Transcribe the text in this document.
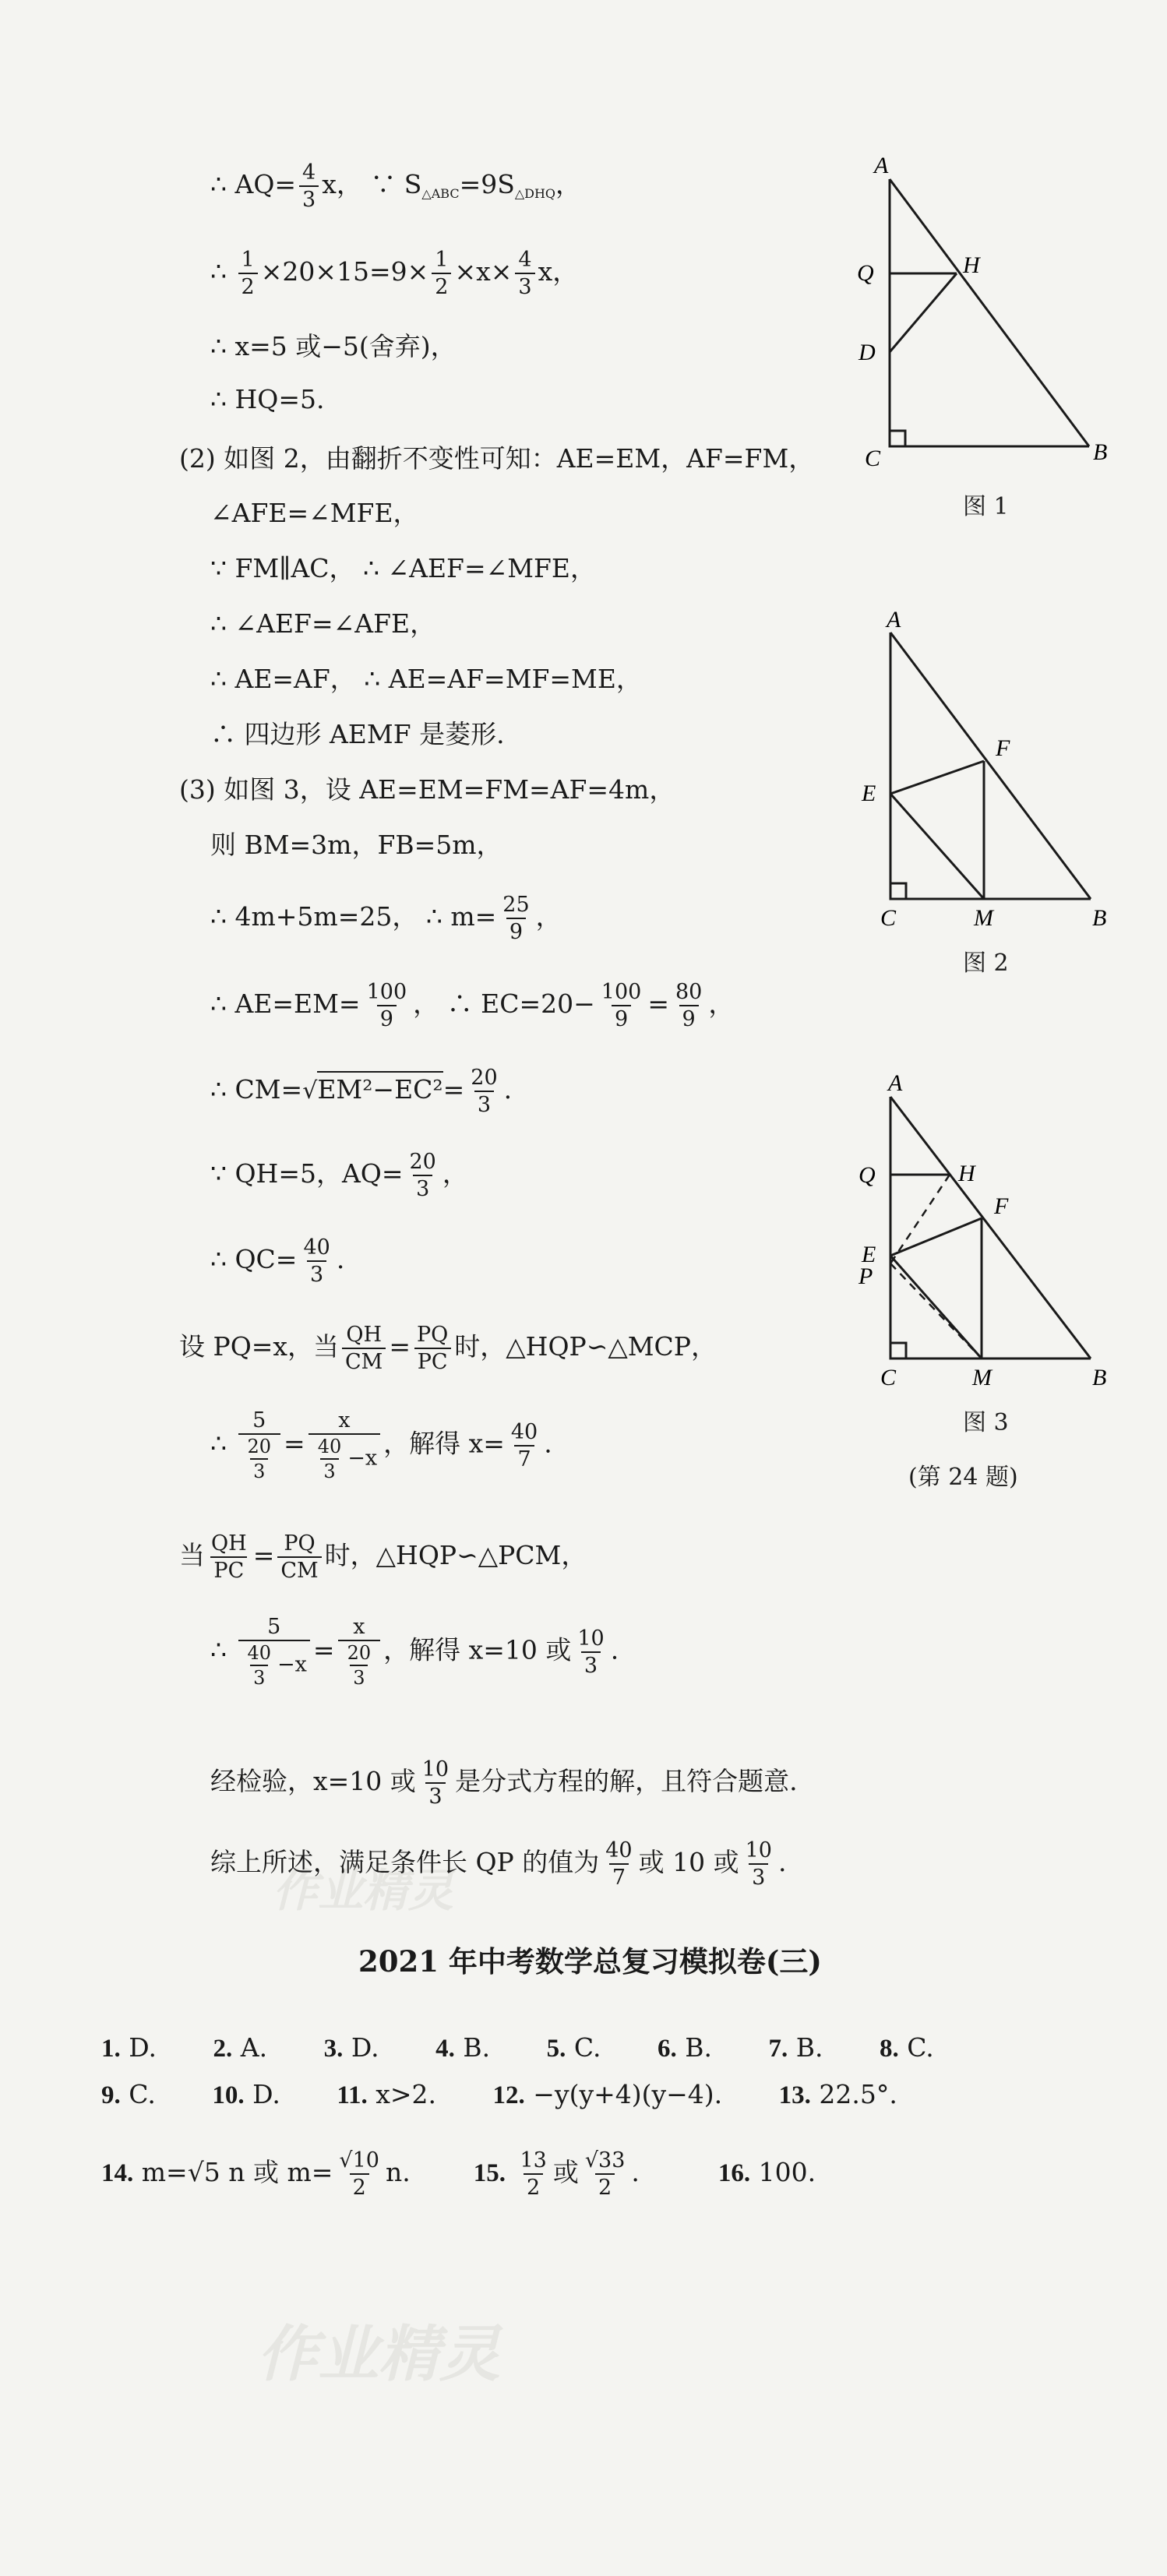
作业精灵
作业精灵
∴ $AQ= \frac{4}{3}$ x， ∵ $S_{\triangle ABC}=9S_{\triangle DHQ}$，
∴ $\frac{1}{2} \times 20\times 15=9\times \frac{1}{2} \times x\times \frac{4}{3}$ x，
∴ x=5 或−5(舍弃)，
∴ HQ=5.
(2) 如图 2，由翻折不变性可知：AE=EM，AF=FM，
∠AFE=∠MFE，
∵ FM∥AC， ∴ ∠AEF=∠MFE，
∴ ∠AEF=∠AFE，
∴ AE=AF， ∴ AE=AF=MF=ME，
∴ 四边形 AEMF 是菱形.
(3) 如图 3，设 AE=EM=FM=AF=4m，
则 BM=3m，FB=5m，
∴ 4m+5m=25， ∴ $m= \frac{25}{9}$ ，
∴ $AE=EM= \frac{100}{9}$ ， ∴ $EC=20- \frac{100}{9} = \frac{80}{9}$ ，
∴ $CM=√EM^2-EC^2= \frac{20}{3}$ .
∵ QH=5，$AQ= \frac{20}{3}$ ，
∴ $QC= \frac{40}{3}$ .
设 PQ=x，当 $\frac{QH}{CM} = \frac{PQ}{PC}$ 时，△HQP∽△MCP，
∴ $\frac{5}{\frac{20}{3}} = \frac{x}{\frac{40}{3} -x}$ ，解得 $x= \frac{40}{7}$ .
当 $\frac{QH}{PC} = \frac{PQ}{CM}$ 时，△HQP∽△PCM，
∴ $\frac{5}{\frac{40}{3} -x} = \frac{x}{\frac{20}{3}}$ ，解得 x=10 或 $\frac{10}{3}$ .
经检验，x=10 或 $\frac{10}{3}$ 是分式方程的解，且符合题意.
综上所述，满足条件长 QP 的值为 $\frac{40}{7}$ 或 10 或 $\frac{10}{3}$ .
A
Q	H
D
C	B
图 1
A
F
E
C	M	B
图 2
A
Q	H
F
E
P
C	M	B
图 3
(第 24 题)
2021 年中考数学总复习模拟卷(三)
1. D. 2. A. 3. D. 4. B. 5. C. 6. B. 7. B. 8. C.
9. C. 10. D. 11. x>2. 12. −y(y+4)(y−4). 13. 22.5°.
14. m=√5 n 或 $m= \frac{√10}{2} n$. 15. $\frac{13}{2}$ 或 $\frac{√33}{2}$ .	16. 100.
